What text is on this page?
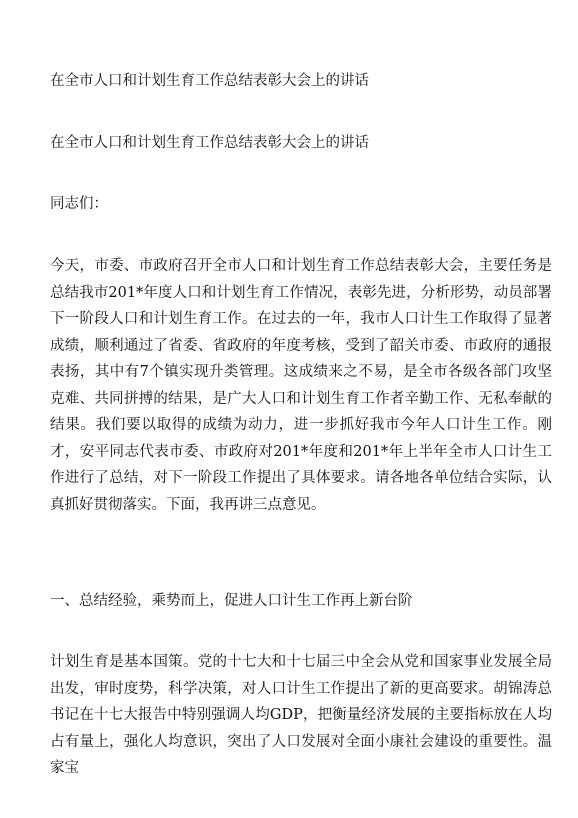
在全市人口和计划生育工作总结表彰大会上的讲话

在全市人口和计划生育工作总结表彰大会上的讲话

同志们：

今天，市委、市政府召开全市人口和计划生育工作总结表彰大会，主要任务是总结我市201*年度人口和计划生育工作情况，表彰先进，分析形势，动员部署下一阶段人口和计划生育工作。在过去的一年，我市人口计生工作取得了显著成绩，顺利通过了省委、省政府的年度考核，受到了韶关市委、市政府的通报表扬，其中有7个镇实现升类管理。这成绩来之不易，是全市各级各部门攻坚克难、共同拼搏的结果，是广大人口和计划生育工作者辛勤工作、无私奉献的结果。我们要以取得的成绩为动力，进一步抓好我市今年人口计生工作。刚才，安平同志代表市委、市政府对201*年度和201*年上半年全市人口计生工作进行了总结，对下一阶段工作提出了具体要求。请各地各单位结合实际，认真抓好贯彻落实。下面，我再讲三点意见。

一、总结经验，乘势而上，促进人口计生工作再上新台阶

计划生育是基本国策。党的十七大和十七届三中全会从党和国家事业发展全局出发，审时度势，科学决策，对人口计生工作提出了新的更高要求。胡锦涛总书记在十七大报告中特别强调人均GDP，把衡量经济发展的主要指标放在人均占有量上，强化人均意识，突出了人口发展对全面小康社会建设的重要性。温家宝
